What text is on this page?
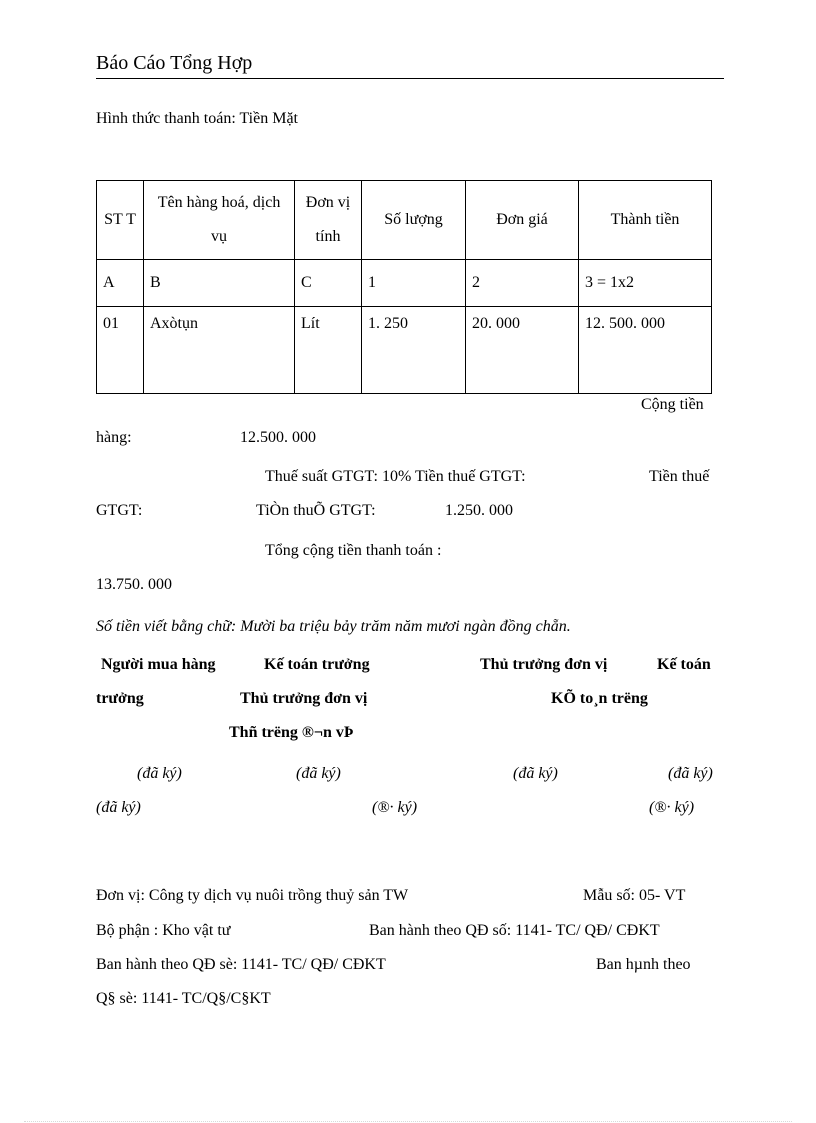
Báo Cáo Tổng Hợp
Hình thức thanh toán: Tiền Mặt
ST T	Tên hàng hoá, dịch vụ	Đơn vị tính	Số lượng	Đơn giá	Thành tiền
A	B	C	1	2	3 = 1x2
01	Axòtụn	Lít	1. 250	20. 000	12. 500. 000
Cộng tiền
hàng:	12.500. 000
Thuế suất GTGT: 10% Tiền thuế GTGT:	Tiền thuế
GTGT:	TiÒn thuÕ GTGT:	1.250. 000
Tổng cộng tiền thanh toán :
13.750. 000
Số tiền viết bằng chữ: Mười ba triệu bảy trăm năm mươi ngàn đồng chẵn.
Người mua hàng	Kế toán trưởng	Thủ trưởng đơn vị	Kế toán
trưởng	Thủ trưởng đơn vị	KÕ to¸n trëng
Thñ trëng ®¬n vÞ
(đã ký)	(đã ký)	(đã ký)	(đã ký)
(đã ký)	(®· ký)	(®· ký)
Đơn vị: Công ty dịch vụ nuôi trồng thuỷ sản TW	Mẫu số: 05- VT
Bộ phận : Kho vật tư	Ban hành theo QĐ số: 1141- TC/ QĐ/ CĐKT
Ban hành theo QĐ sè: 1141- TC/ QĐ/ CĐKT	Ban hµnh theo
Q§ sè: 1141- TC/Q§/C§KT
